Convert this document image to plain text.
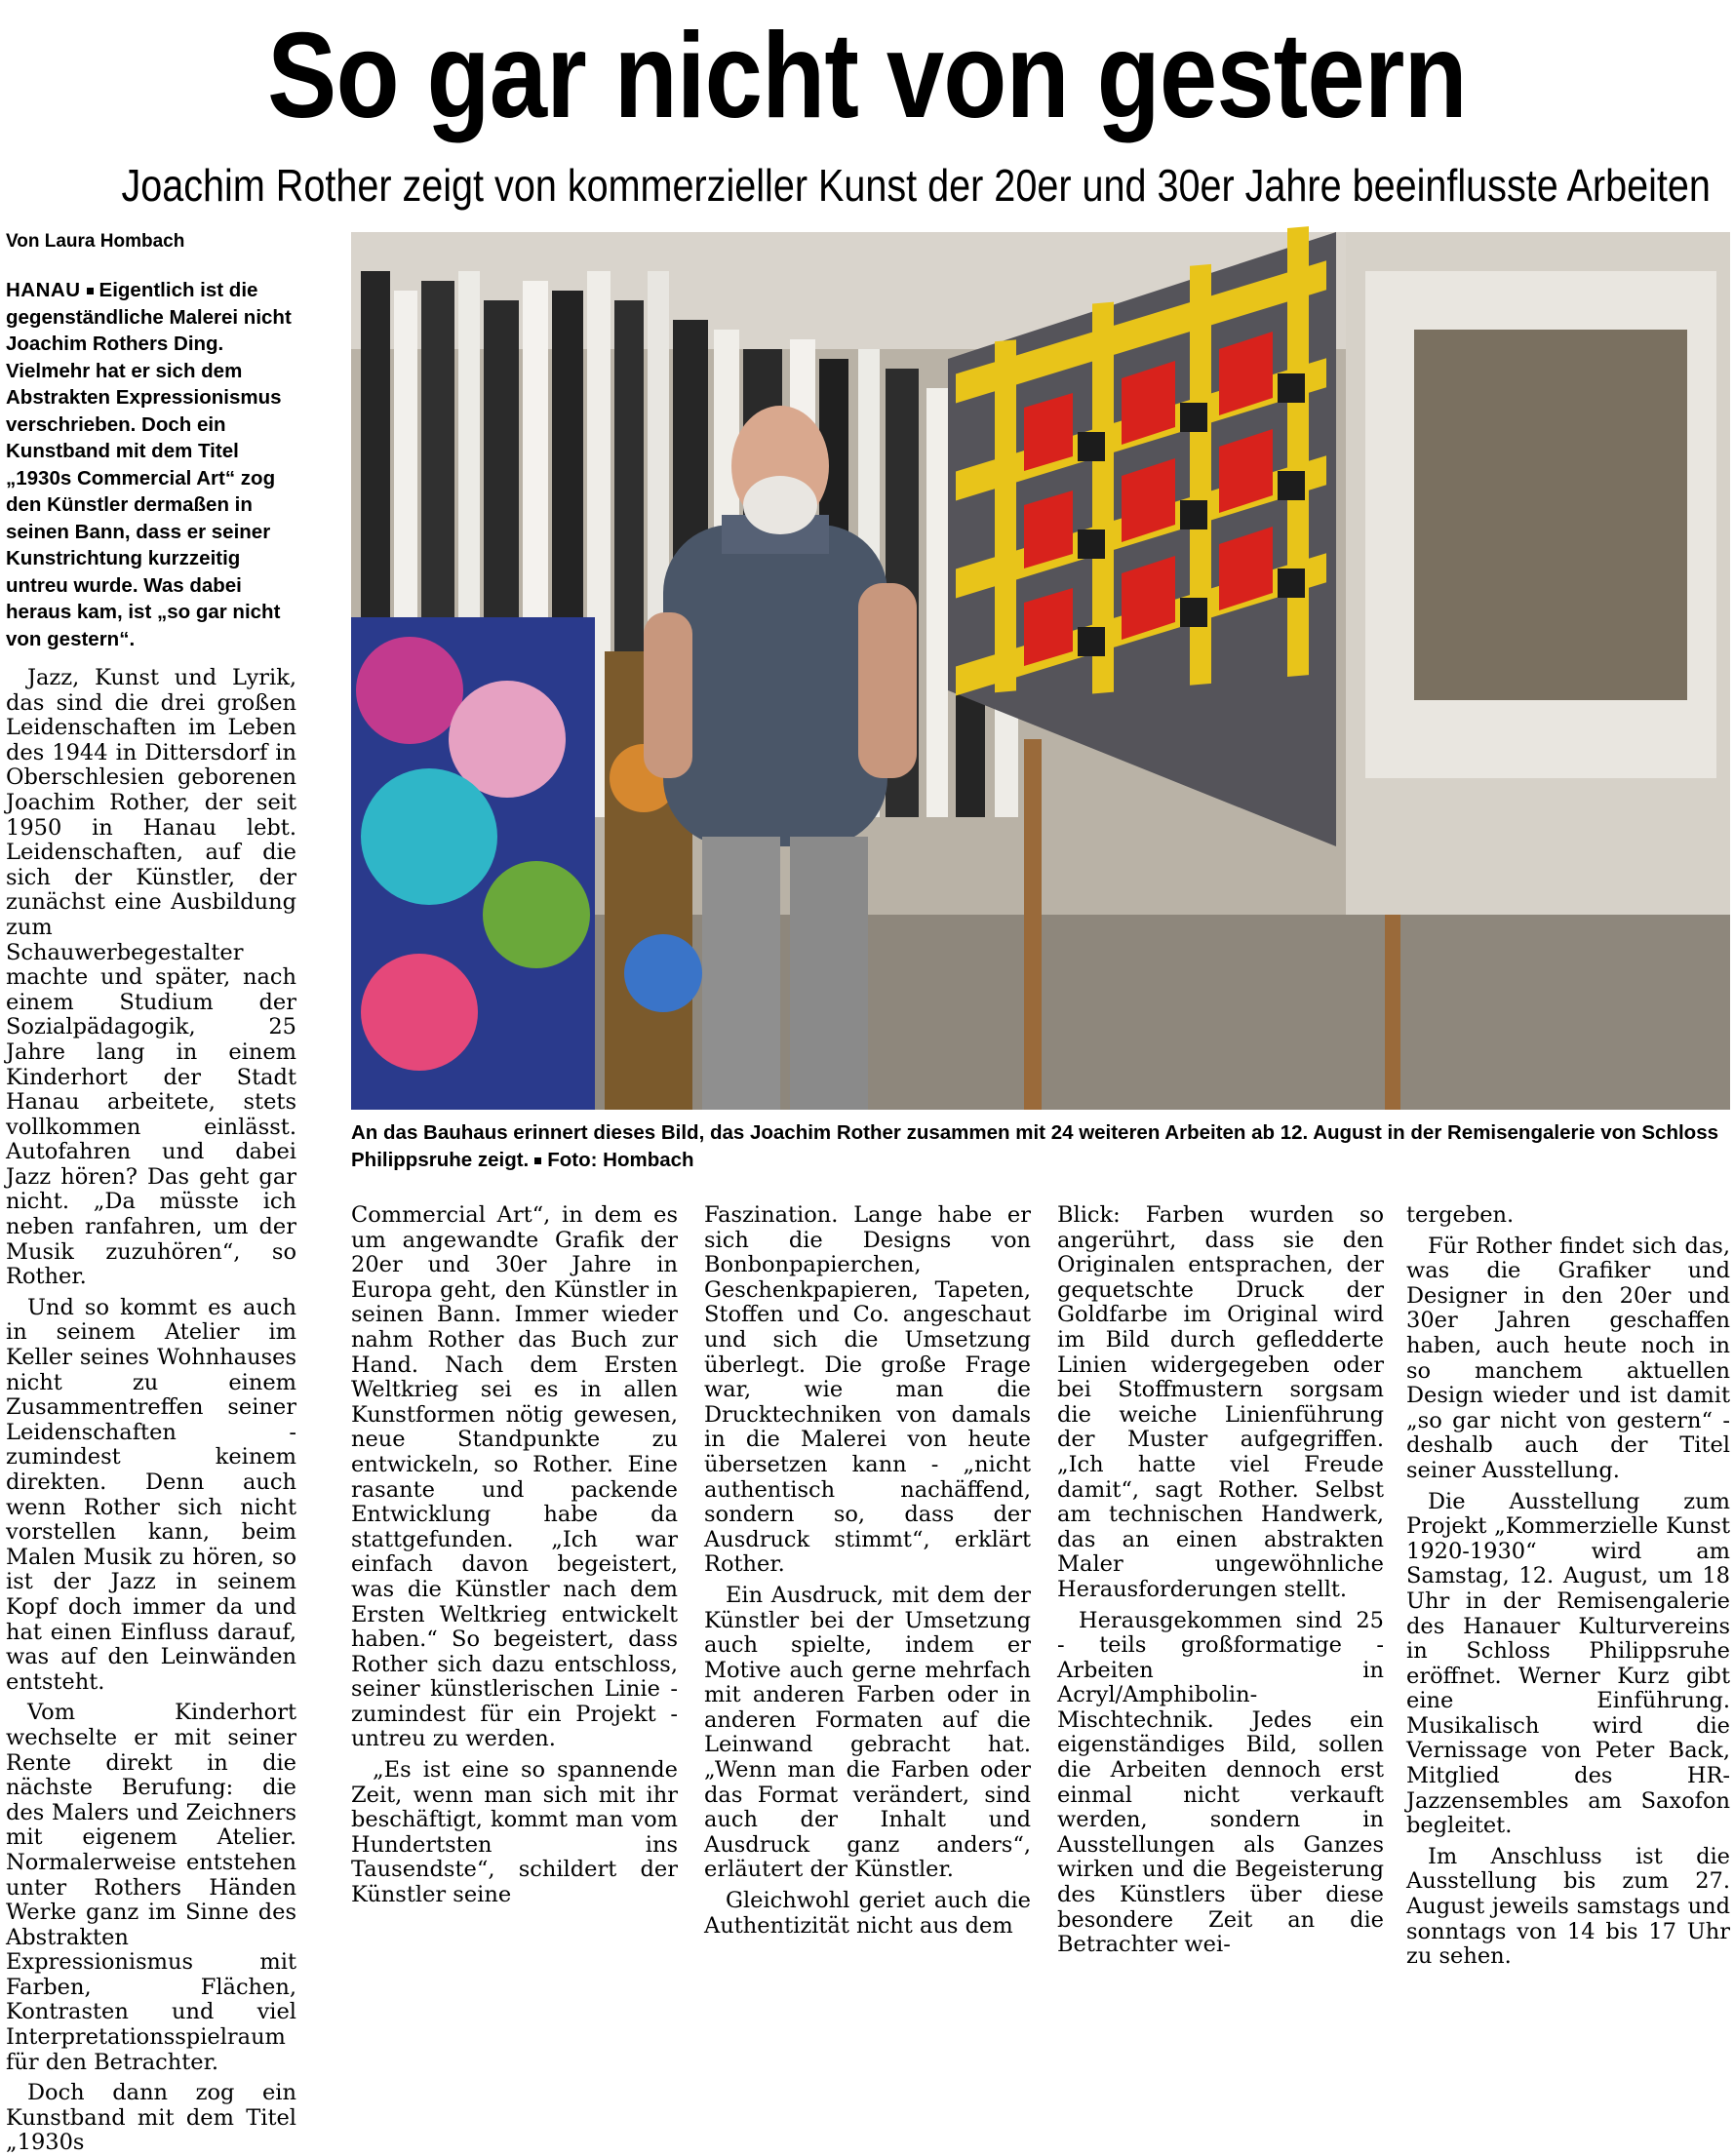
So gar nicht von gestern
Joachim Rother zeigt von kommerzieller Kunst der 20er und 30er Jahre beeinflusste Arbeiten
Von Laura Hombach
HANAU Eigentlich ist die gegenständliche Malerei nicht Joachim Rothers Ding. Vielmehr hat er sich dem Abstrakten Expressionismus verschrieben. Doch ein Kunstband mit dem Titel „1930s Commercial Art“ zog den Künstler dermaßen in seinen Bann, dass er seiner Kunstrichtung kurzzeitig untreu wurde. Was dabei heraus kam, ist „so gar nicht von gestern“.

Jazz, Kunst und Lyrik, das sind die drei großen Leidenschaften im Leben des 1944 in Dittersdorf in Oberschlesien geborenen Joachim Rother, der seit 1950 in Hanau lebt. Leidenschaften, auf die sich der Künstler, der zunächst eine Ausbildung zum Schauwerbegestalter machte und später, nach einem Studium der Sozialpädagogik, 25 Jahre lang in einem Kinderhort der Stadt Hanau arbeitete, stets vollkommen einlässt. Autofahren und dabei Jazz hören? Das geht gar nicht. „Da müsste ich neben ranfahren, um der Musik zuzuhören“, so Rother.

Und so kommt es auch in seinem Atelier im Keller seines Wohnhauses nicht zu einem Zusammentreffen seiner Leidenschaften - zumindest keinem direkten. Denn auch wenn Rother sich nicht vorstellen kann, beim Malen Musik zu hören, so ist der Jazz in seinem Kopf doch immer da und hat einen Einfluss darauf, was auf den Leinwänden entsteht.

Vom Kinderhort wechselte er mit seiner Rente direkt in die nächste Berufung: die des Malers und Zeichners mit eigenem Atelier. Normalerweise entstehen unter Rothers Händen Werke ganz im Sinne des Abstrakten Expressionismus mit Farben, Flächen, Kontrasten und viel Interpretationsspielraum für den Betrachter.

Doch dann zog ein Kunstband mit dem Titel „1930s

An das Bauhaus erinnert dieses Bild, das Joachim Rother zusammen mit 24 weiteren Arbeiten ab 12. August in der Remisengalerie von Schloss Philippsruhe zeigt. Foto: Hombach

Commercial Art“, in dem es um angewandte Grafik der 20er und 30er Jahre in Europa geht, den Künstler in seinen Bann. Immer wieder nahm Rother das Buch zur Hand. Nach dem Ersten Weltkrieg sei es in allen Kunstformen nötig gewesen, neue Standpunkte zu entwickeln, so Rother. Eine rasante und packende Entwicklung habe da stattgefunden. „Ich war einfach davon begeistert, was die Künstler nach dem Ersten Weltkrieg entwickelt haben.“ So begeistert, dass Rother sich dazu entschloss, seiner künstlerischen Linie - zumindest für ein Projekt - untreu zu werden.

„Es ist eine so spannende Zeit, wenn man sich mit ihr beschäftigt, kommt man vom Hundertsten ins Tausendste“, schildert der Künstler seine

Faszination. Lange habe er sich die Designs von Bonbonpapierchen, Geschenkpapieren, Tapeten, Stoffen und Co. angeschaut und sich die Umsetzung überlegt. Die große Frage war, wie man die Drucktechniken von damals in die Malerei von heute übersetzen kann - „nicht authentisch nachäffend, sondern so, dass der Ausdruck stimmt“, erklärt Rother.

Ein Ausdruck, mit dem der Künstler bei der Umsetzung auch spielte, indem er Motive auch gerne mehrfach mit anderen Farben oder in anderen Formaten auf die Leinwand gebracht hat. „Wenn man die Farben oder das Format verändert, sind auch der Inhalt und Ausdruck ganz anders“, erläutert der Künstler.

Gleichwohl geriet auch die Authentizität nicht aus dem

Blick: Farben wurden so angerührt, dass sie den Originalen entsprachen, der gequetschte Druck der Goldfarbe im Original wird im Bild durch gefledderte Linien widergegeben oder bei Stoffmustern sorgsam die weiche Linienführung der Muster aufgegriffen. „Ich hatte viel Freude damit“, sagt Rother. Selbst am technischen Handwerk, das an einen abstrakten Maler ungewöhnliche Herausforderungen stellt.

Herausgekommen sind 25 - teils großformatige - Arbeiten in Acryl/Amphibolin-Mischtechnik. Jedes ein eigenständiges Bild, sollen die Arbeiten dennoch erst einmal nicht verkauft werden, sondern in Ausstellungen als Ganzes wirken und die Begeisterung des Künstlers über diese besondere Zeit an die Betrachter wei-

tergeben.

Für Rother findet sich das, was die Grafiker und Designer in den 20er und 30er Jahren geschaffen haben, auch heute noch in so manchem aktuellen Design wieder und ist damit „so gar nicht von gestern“ - deshalb auch der Titel seiner Ausstellung.

Die Ausstellung zum Projekt „Kommerzielle Kunst 1920-1930“ wird am Samstag, 12. August, um 18 Uhr in der Remisengalerie des Hanauer Kulturvereins in Schloss Philippsruhe eröffnet. Werner Kurz gibt eine Einführung. Musikalisch wird die Vernissage von Peter Back, Mitglied des HR-Jazzensembles am Saxofon begleitet.

Im Anschluss ist die Ausstellung bis zum 27. August jeweils samstags und sonntags von 14 bis 17 Uhr zu sehen.
